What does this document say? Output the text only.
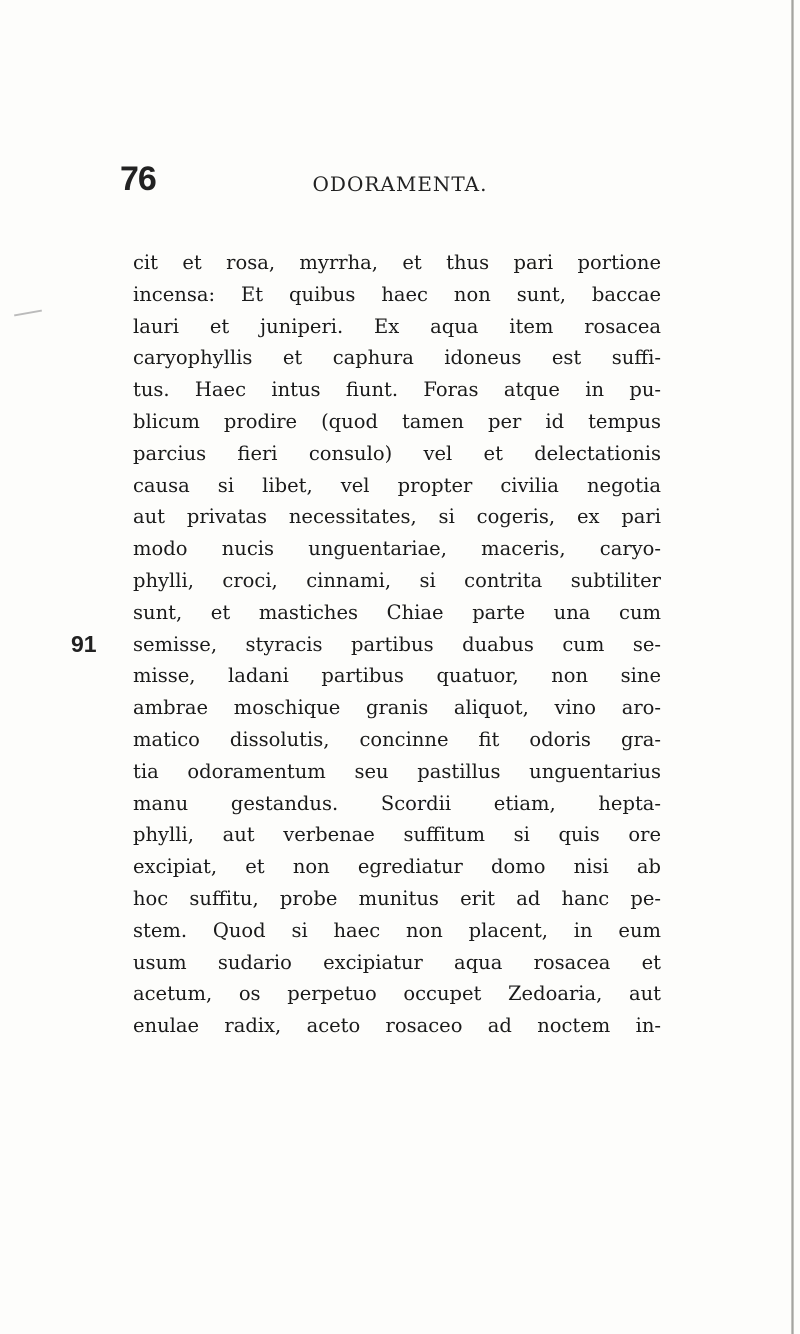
76	ODORAMENTA.
cit et rosa, myrrha, et thus pari portione
incensa: Et quibus haec non sunt, baccae
lauri et juniperi. Ex aqua item rosacea
caryophyllis et caphura idoneus est suffi-
tus. Haec intus fiunt. Foras atque in pu-
blicum prodire (quod tamen per id tempus
parcius fieri consulo) vel et delectationis
causa si libet, vel propter civilia negotia
aut privatas necessitates, si cogeris, ex pari
modo nucis unguentariae, maceris, caryo-
phylli, croci, cinnami, si contrita subtiliter
sunt, et mastiches Chiae parte una cum
91 semisse, styracis partibus duabus cum se-
misse, ladani partibus quatuor, non sine
ambrae moschique granis aliquot, vino aro-
matico dissolutis, concinne fit odoris gra-
tia odoramentum seu pastillus unguentarius
manu gestandus. Scordii etiam, hepta-
phylli, aut verbenae suffitum si quis ore
excipiat, et non egrediatur domo nisi ab
hoc suffitu, probe munitus erit ad hanc pe-
stem. Quod si haec non placent, in eum
usum sudario excipiatur aqua rosacea et
acetum, os perpetuo occupet Zedoaria, aut
enulae radix, aceto rosaceo ad noctem in-
